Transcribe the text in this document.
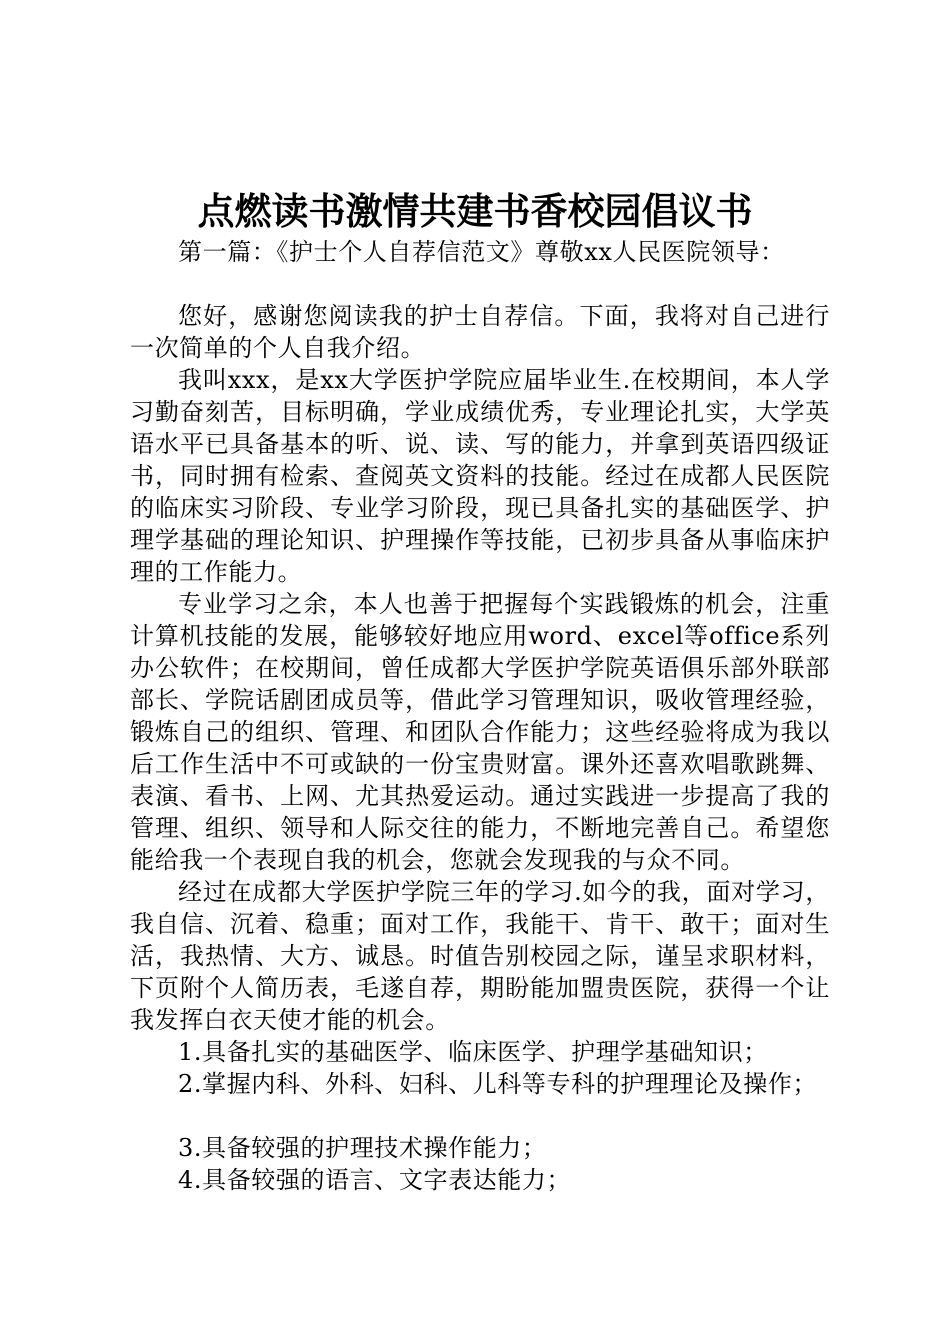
点燃读书激情共建书香校园倡议书

第一篇：《护士个人自荐信范文》尊敬xx人民医院领导：

您好，感谢您阅读我的护士自荐信。下面，我将对自己进行一次简单的个人自我介绍。

我叫xxx，是xx大学医护学院应届毕业生.在校期间，本人学习勤奋刻苦，目标明确，学业成绩优秀，专业理论扎实，大学英语水平已具备基本的听、说、读、写的能力，并拿到英语四级证书，同时拥有检索、查阅英文资料的技能。经过在成都人民医院的临床实习阶段、专业学习阶段，现已具备扎实的基础医学、护理学基础的理论知识、护理操作等技能，已初步具备从事临床护理的工作能力。

专业学习之余，本人也善于把握每个实践锻炼的机会，注重计算机技能的发展，能够较好地应用word、excel等office系列办公软件；在校期间，曾任成都大学医护学院英语俱乐部外联部部长、学院话剧团成员等，借此学习管理知识，吸收管理经验，锻炼自己的组织、管理、和团队合作能力；这些经验将成为我以后工作生活中不可或缺的一份宝贵财富。课外还喜欢唱歌跳舞、表演、看书、上网、尤其热爱运动。通过实践进一步提高了我的管理、组织、领导和人际交往的能力，不断地完善自己。希望您能给我一个表现自我的机会，您就会发现我的与众不同。

经过在成都大学医护学院三年的学习.如今的我，面对学习，我自信、沉着、稳重；面对工作，我能干、肯干、敢干；面对生活，我热情、大方、诚恳。时值告别校园之际，谨呈求职材料，下页附个人简历表，毛遂自荐，期盼能加盟贵医院，获得一个让我发挥白衣天使才能的机会。

1.具备扎实的基础医学、临床医学、护理学基础知识；

2.掌握内科、外科、妇科、儿科等专科的护理理论及操作；

3.具备较强的护理技术操作能力；

4.具备较强的语言、文字表达能力；
